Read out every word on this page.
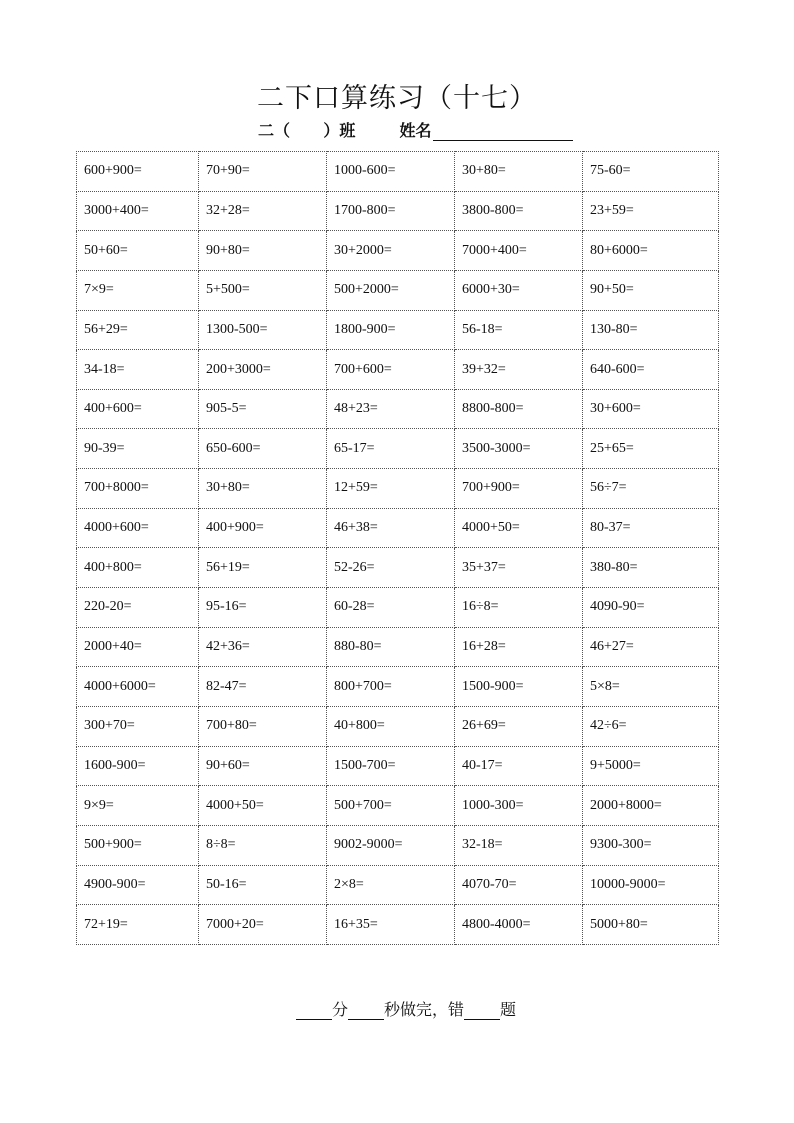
二下口算练习（十七）
二（      ）班	姓名
600+900=	70+90=	1000-600=	30+80=	75-60=
3000+400=	32+28=	1700-800=	3800-800=	23+59=
50+60=	90+80=	30+2000=	7000+400=	80+6000=
7×9=	5+500=	500+2000=	6000+30=	90+50=
56+29=	1300-500=	1800-900=	56-18=	130-80=
34-18=	200+3000=	700+600=	39+32=	640-600=
400+600=	905-5=	48+23=	8800-800=	30+600=
90-39=	650-600=	65-17=	3500-3000=	25+65=
700+8000=	30+80=	12+59=	700+900=	56÷7=
4000+600=	400+900=	46+38=	4000+50=	80-37=
400+800=	56+19=	52-26=	35+37=	380-80=
220-20=	95-16=	60-28=	16÷8=	4090-90=
2000+40=	42+36=	880-80=	16+28=	46+27=
4000+6000=	82-47=	800+700=	1500-900=	5×8=
300+70=	700+80=	40+800=	26+69=	42÷6=
1600-900=	90+60=	1500-700=	40-17=	9+5000=
9×9=	4000+50=	500+700=	1000-300=	2000+8000=
500+900=	8÷8=	9002-9000=	32-18=	9300-300=
4900-900=	50-16=	2×8=	4070-70=	10000-9000=
72+19=	7000+20=	16+35=	4800-4000=	5000+80=
分 秒做完，错 题
